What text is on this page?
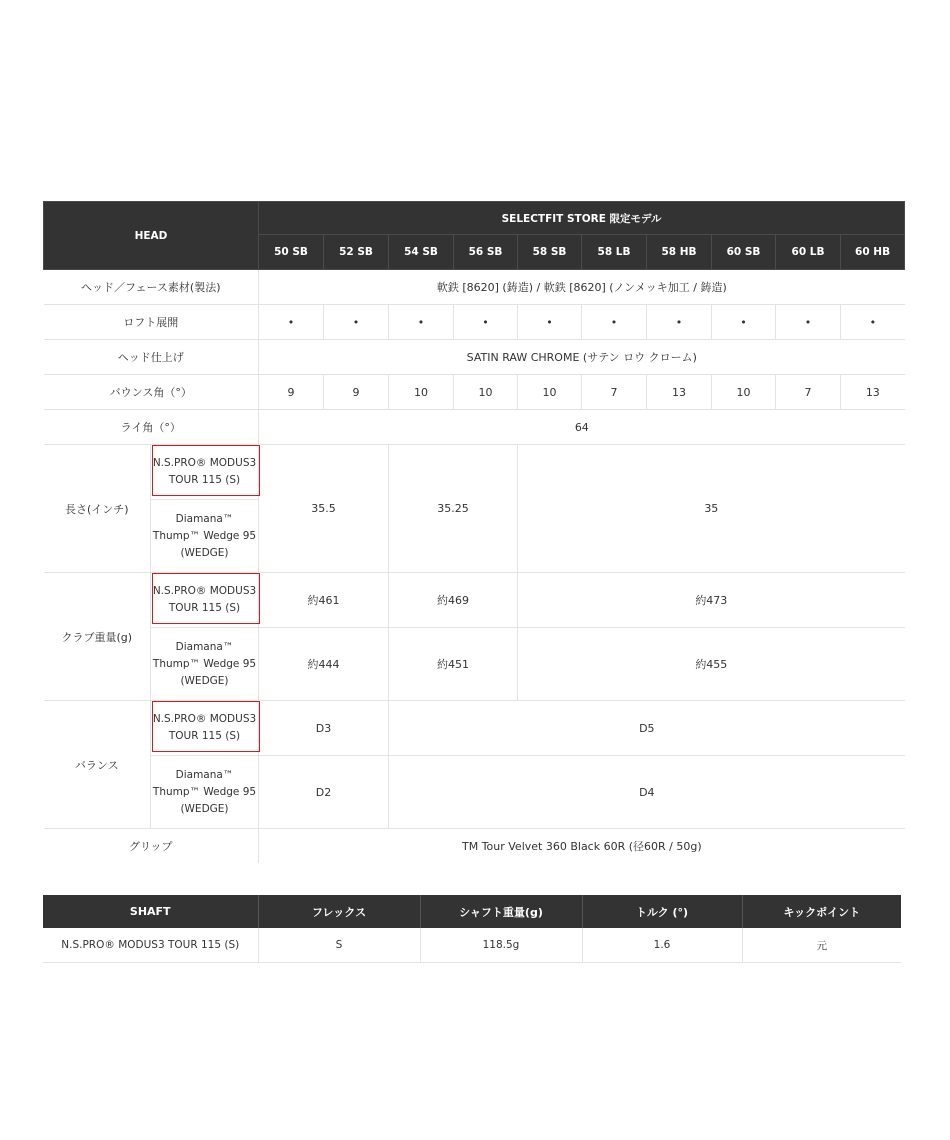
HEAD		SELECTFIT STORE 限定モデル									
		50 SB	52 SB	54 SB	56 SB	58 SB	58 LB	58 HB	60 SB	60 LB	60 HB
ヘッド／フェース素材(製法)		軟鉄 [8620] (鋳造) / 軟鉄 [8620] (ノンメッキ加工 / 鋳造)									
ロフト展開		•	•	•	•	•	•	•	•	•	•
ヘッド仕上げ		SATIN RAW CHROME (サテン ロウ クローム)									
バウンス角（°）		9	9	10	10	10	7	13	10	7	13
ライ角（°）		64									
長さ(インチ)	N.S.PRO® MODUS3 TOUR 115 (S)	35.5		35.25		35					
	Diamana™ Thump™ Wedge 95 (WEDGE)										
クラブ重量(g)	N.S.PRO® MODUS3 TOUR 115 (S)	約461		約469		約473					
	Diamana™ Thump™ Wedge 95 (WEDGE)	約444		約451		約455					
バランス	N.S.PRO® MODUS3 TOUR 115 (S)	D3		D5							
	Diamana™ Thump™ Wedge 95 (WEDGE)	D2		D4							
グリップ		TM Tour Velvet 360 Black 60R (径60R / 50g)									
SHAFT	フレックス	シャフト重量(g)	トルク (°)	キックポイント
N.S.PRO® MODUS3 TOUR 115 (S)	S	118.5g	1.6	元
